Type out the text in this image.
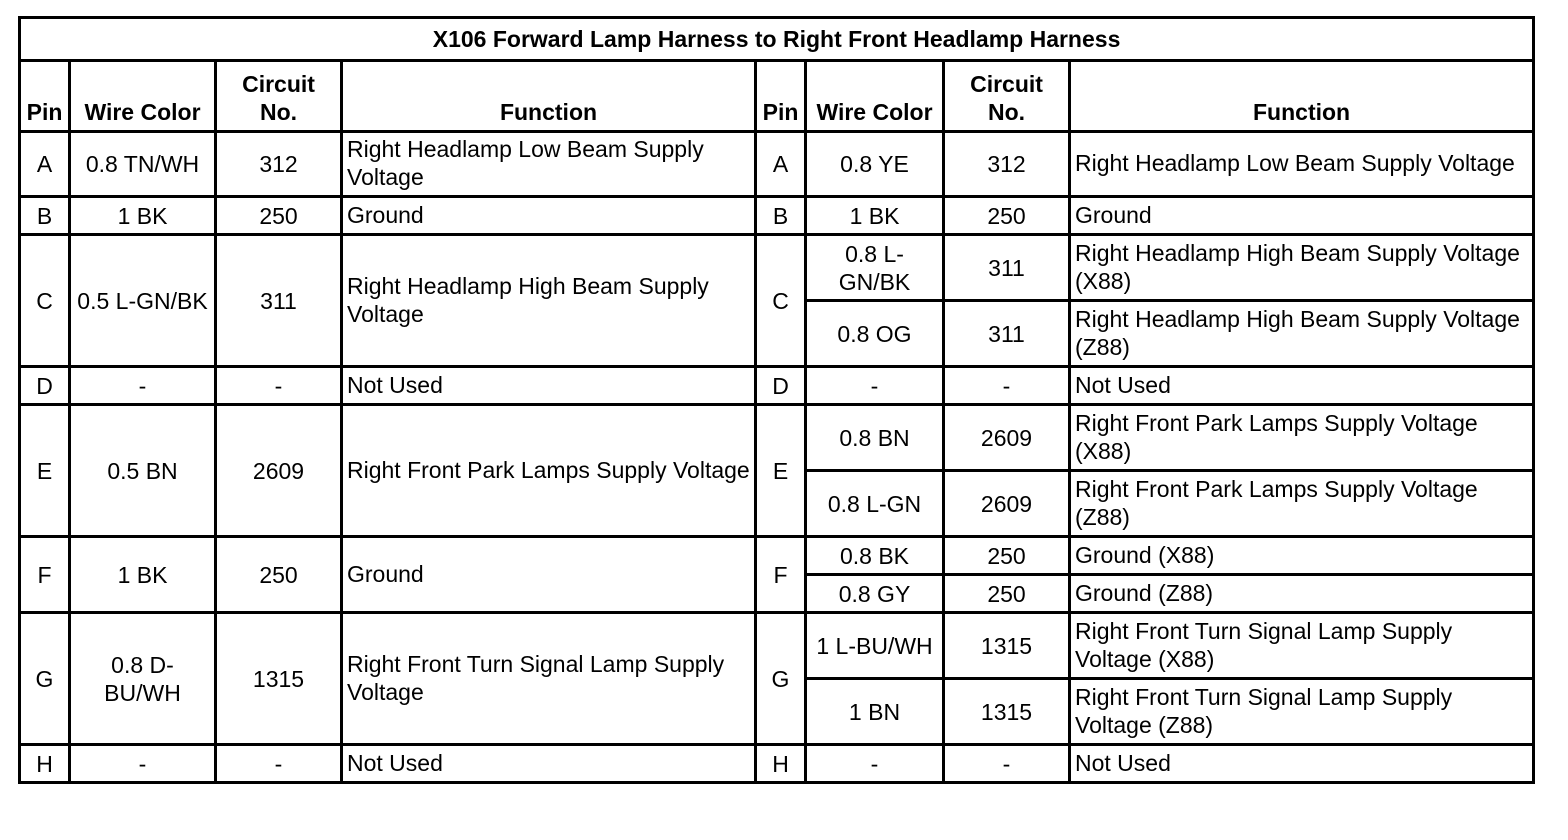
X106 Forward Lamp Harness to Right Front Headlamp Harness							
Pin	Wire Color	Circuit No.	Function	Pin	Wire Color	Circuit No.	Function
A	0.8 TN/WH	312	Right Headlamp Low Beam Supply Voltage	A	0.8 YE	312	Right Headlamp Low Beam Supply Voltage
B	1 BK	250	Ground	B	1 BK	250	Ground
C	0.5 L-GN/BK	311	Right Headlamp High Beam Supply Voltage	C	0.8 L-GN/BK	311	Right Headlamp High Beam Supply Voltage (X88)
					0.8 OG	311	Right Headlamp High Beam Supply Voltage (Z88)
D	-	-	Not Used	D	-	-	Not Used
E	0.5 BN	2609	Right Front Park Lamps Supply Voltage	E	0.8 BN	2609	Right Front Park Lamps Supply Voltage (X88)
					0.8 L-GN	2609	Right Front Park Lamps Supply Voltage (Z88)
F	1 BK	250	Ground	F	0.8 BK	250	Ground (X88)
					0.8 GY	250	Ground (Z88)
G	0.8 D-BU/WH	1315	Right Front Turn Signal Lamp Supply Voltage	G	1 L-BU/WH	1315	Right Front Turn Signal Lamp Supply Voltage (X88)
					1 BN	1315	Right Front Turn Signal Lamp Supply Voltage (Z88)
H	-	-	Not Used	H	-	-	Not Used
